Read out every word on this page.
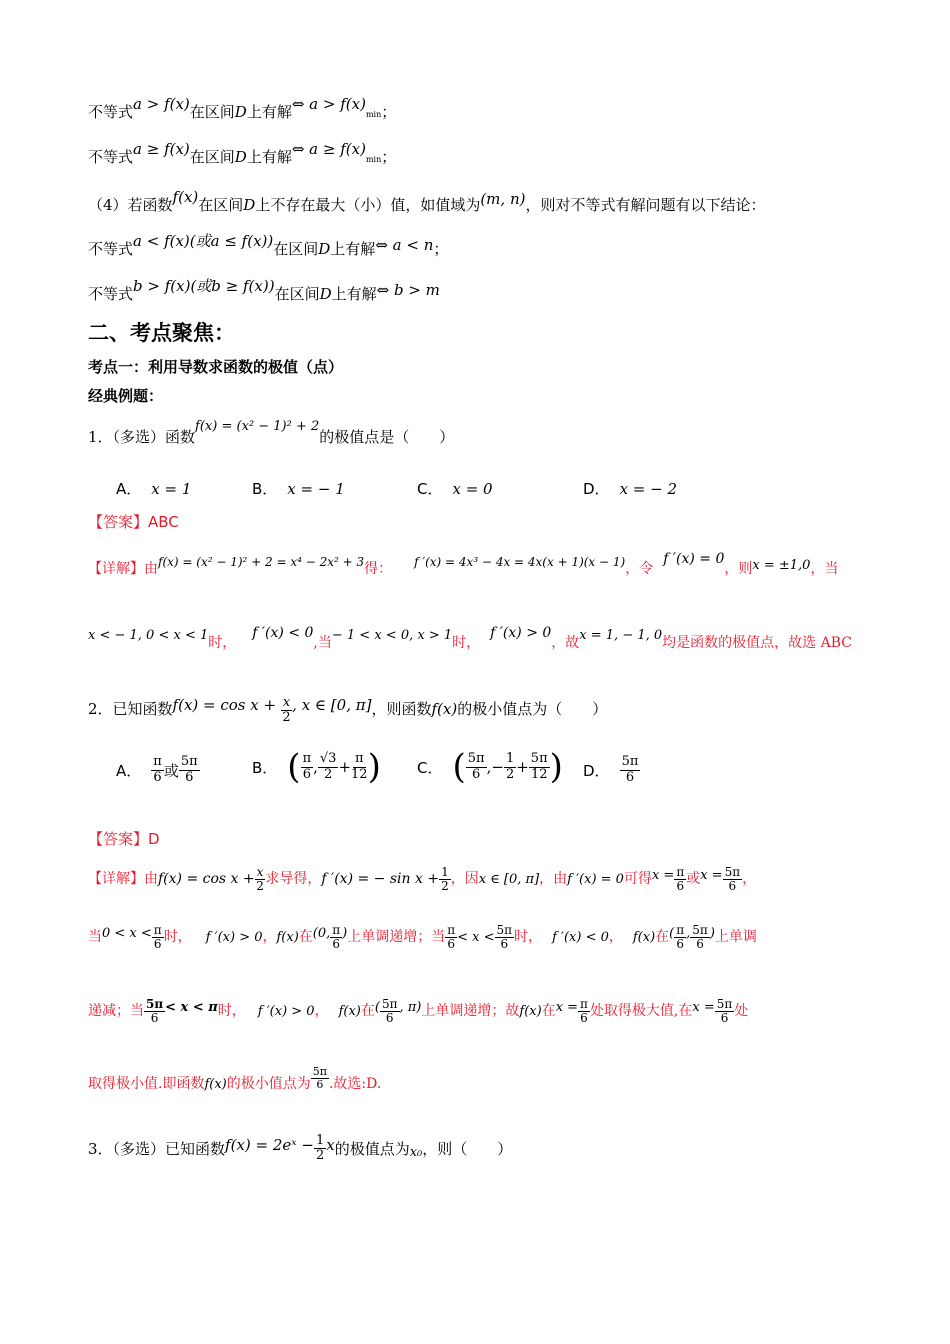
不等式a > f(x)在区间D上有解⇔ a > f(x)min；
不等式a ≥ f(x)在区间D上有解⇔ a ≥ f(x)min；
（4）若函数f(x)在区间D上不存在最大（小）值，如值域为(m, n)，则对不等式有解问题有以下结论：
不等式a < f(x)(或a ≤ f(x))在区间D上有解⇔ a < n；
不等式b > f(x)(或b ≥ f(x))在区间D上有解⇔ b > m
二、考点聚焦：
考点一：利用导数求函数的极值（点）
经典例题：
1．（多选）函数f(x) = (x² − 1)² + 2的极值点是（　　）
A． x = 1	B． x = − 1	C． x = 0	D． x = − 2
【答案】ABC
【详解】由f(x) = (x² − 1)² + 2 = x⁴ − 2x² + 3得： f ′(x) = 4x³ − 4x = 4x(x + 1)(x − 1)，令f ′(x) = 0，则x = ±1,0，当
x < − 1, 0 < x < 1时，f ′(x) < 0,当− 1 < x < 0, x > 1时，f ′(x) > 0，故x = 1, − 1, 0均是函数的极值点，故选 ABC
2．已知函数$f(x) = \cos x + \frac{x}{2}$ , x ∈ [0, π]，则函数f(x)的极小值点为（　　）
A． $\frac{\pi}{6}$ 或 $\frac{5\pi}{6}$	B． ( $\frac{\pi}{6}$ , $\frac{√3}{2} + \frac{\pi}{12}$ ) C． ( $\frac{5\pi}{6}$ , − $\frac{1}{2} + \frac{5\pi}{12}$ ) D． $\frac{5\pi}{6}$
【答案】D
【详解】 由 $f(x) = \cos x + \frac{x}{2}$ 求导得， f ′(x) = − $\sin x + \frac{1}{2}$ ，因 x ∈ [0, π] ，由 f ′(x) = 0 可得 $x = \frac{\pi}{6}$ 或 $x = \frac{5\pi}{6}$ ，
当 $0 < x < \frac{\pi}{6}$ 时， f ′(x) > 0 ， f(x) 在 (0, $\frac{\pi}{6}$ ) 上单调递增；当 $\frac{\pi}{6} < x < \frac{5\pi}{6}$ 时， f ′(x) < 0 ， f(x) 在 ( $\frac{\pi}{6}$ , $\frac{5\pi}{6}$ ) 上单调
递减；当 $\frac{5\pi}{6} < x < \pi$ 时， f ′(x) > 0 ， f(x) 在 ( $\frac{5\pi}{6}$ , π) 上单调递增；故 f(x) 在 $x = \frac{\pi}{6}$ 处取得极大值,在 $x = \frac{5\pi}{6}$ 处
取得极小值.即函数 f(x) 的极小值点为 $\frac{5\pi}{6}$ .故选:D.
3．（多选）已知函数 f(x) = 2eˣ − $\frac{1}{2}$ x 的极值点为 x₀ ，则（　　）
